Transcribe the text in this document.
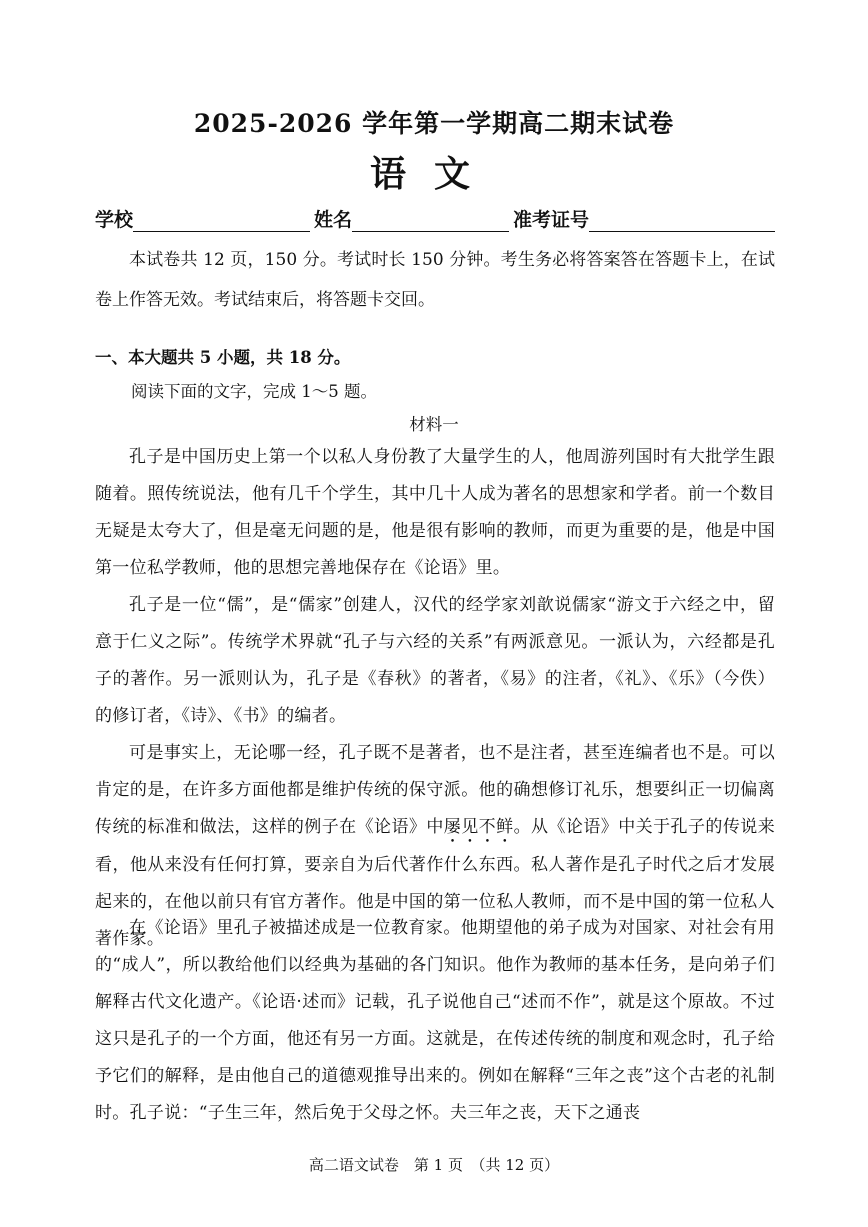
2025-2026 学年第一学期高二期末试卷
语文
学校	姓名	准考证号

本试卷共 12 页，150 分。考试时长 150 分钟。考生务必将答案答在答题卡上，在试卷上作答无效。考试结束后，将答题卡交回。

一、本大题共 5 小题，共 18 分。

阅读下面的文字，完成 1～5 题。

材料一

孔子是中国历史上第一个以私人身份教了大量学生的人，他周游列国时有大批学生跟随着。照传统说法，他有几千个学生，其中几十人成为著名的思想家和学者。前一个数目无疑是太夸大了，但是毫无问题的是，他是很有影响的教师，而更为重要的是，他是中国第一位私学教师，他的思想完善地保存在《论语》里。

孔子是一位“儒”，是“儒家”创建人，汉代的经学家刘歆说儒家“游文于六经之中，留意于仁义之际”。传统学术界就“孔子与六经的关系”有两派意见。一派认为，六经都是孔子的著作。另一派则认为，孔子是《春秋》的著者，《易》的注者，《礼》、《乐》（今佚）的修订者，《诗》、《书》的编者。

可是事实上，无论哪一经，孔子既不是著者，也不是注者，甚至连编者也不是。可以肯定的是，在许多方面他都是维护传统的保守派。他的确想修订礼乐，想要纠正一切偏离传统的标准和做法，这样的例子在《论语》中屡见不鲜。从《论语》中关于孔子的传说来看，他从来没有任何打算，要亲自为后代著作什么东西。私人著作是孔子时代之后才发展起来的，在他以前只有官方著作。他是中国的第一位私人教师，而不是中国的第一位私人著作家。

在《论语》里孔子被描述成是一位教育家。他期望他的弟子成为对国家、对社会有用的“成人”，所以教给他们以经典为基础的各门知识。他作为教师的基本任务，是向弟子们解释古代文化遗产。《论语·述而》记载，孔子说他自己“述而不作”，就是这个原故。不过这只是孔子的一个方面，他还有另一方面。这就是，在传述传统的制度和观念时，孔子给予它们的解释，是由他自己的道德观推导出来的。例如在解释“三年之丧”这个古老的礼制时。孔子说：“子生三年，然后免于父母之怀。夫三年之丧，天下之通丧

高二语文试卷　第 1 页　（共 12 页）
